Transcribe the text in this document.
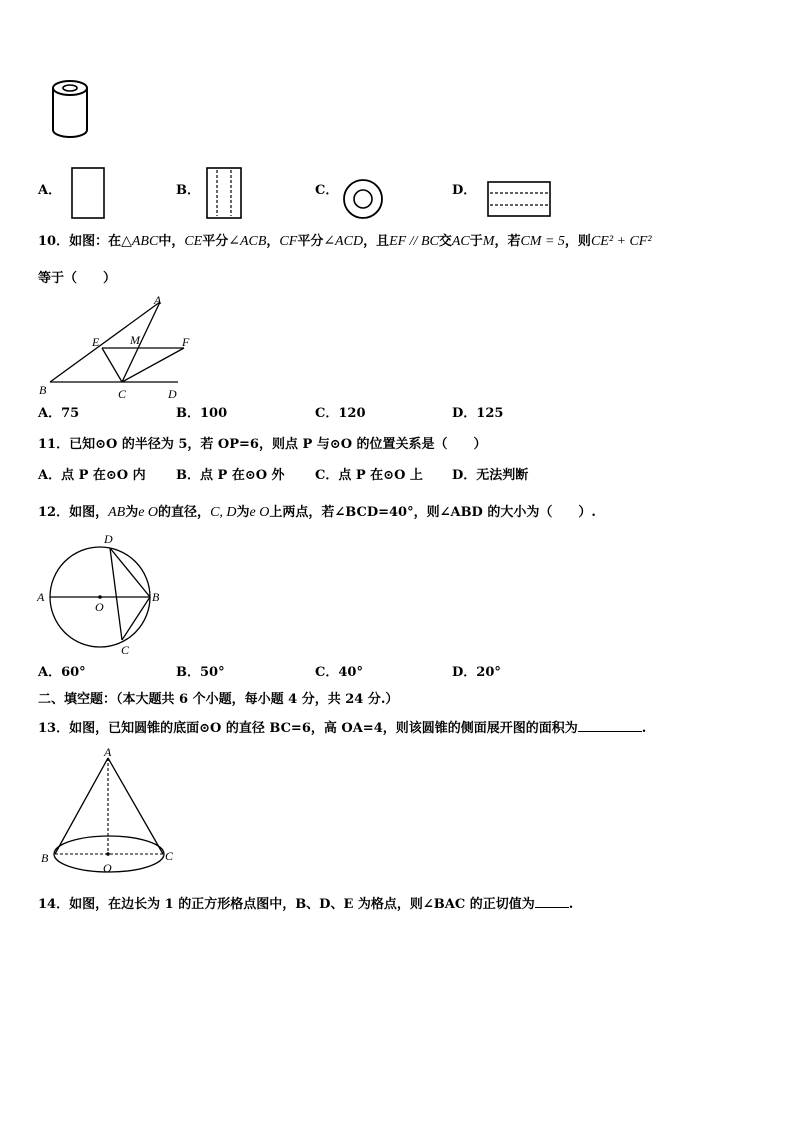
A．	B．	C．	D．
10．如图：在△ABC中，CE平分∠ACB，CF平分∠ACD，且EF // BC交AC于M，若CM = 5，则CE² + CF²
等于（　　）
A
E	M	F
B	C	D
A．75	B．100	C．120	D．125
11．已知⊙O 的半径为 5，若 OP=6，则点 P 与⊙O 的位置关系是（　　）
A．点 P 在⊙O 内 B．点 P 在⊙O 外 C．点 P 在⊙O 上 D．无法判断
12．如图，AB为e O的直径，C, D为e O上两点，若∠BCD=40°，则∠ABD 的大小为（　　）.
D
A
O
B
C
A．60°	B．50°	C．40°	D．20°
二、填空题：（本大题共 6 个小题，每小题 4 分，共 24 分.）
13．如图，已知圆锥的底面⊙O 的直径 BC=6，高 OA=4，则该圆锥的侧面展开图的面积为	.
A
B	C
O
14．如图，在边长为 1 的正方形格点图中，B、D、E 为格点，则∠BAC 的正切值为	.
